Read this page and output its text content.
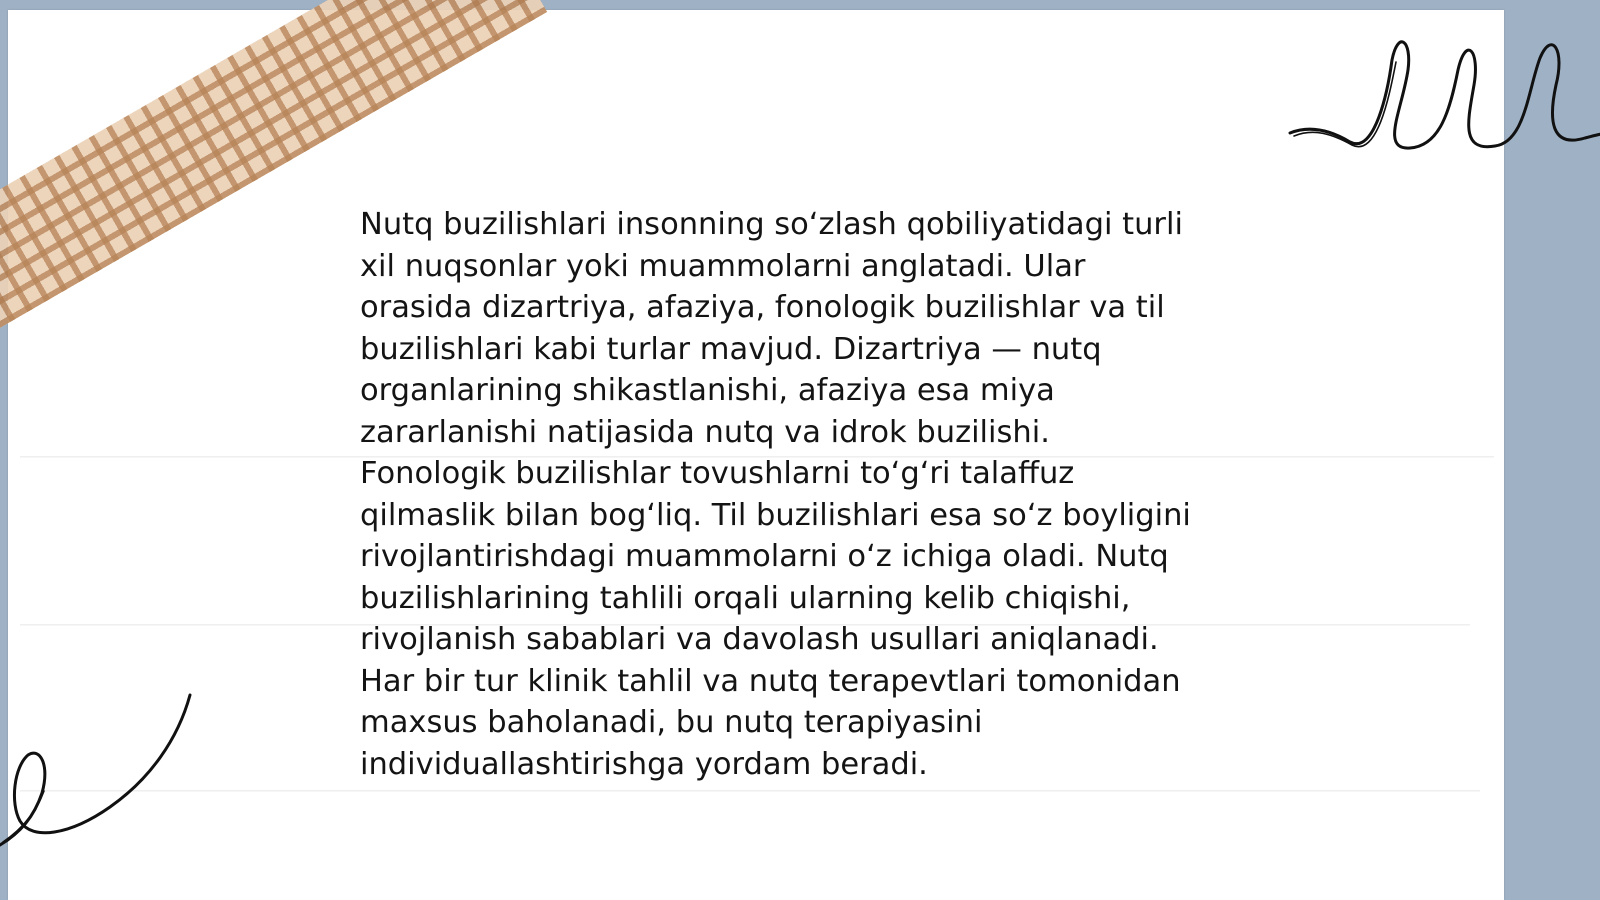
Nutq buzilishlari insonning so‘zlash qobiliyatidagi turli
xil nuqsonlar yoki muammolarni anglatadi. Ular
orasida dizartriya, afaziya, fonologik buzilishlar va til
buzilishlari kabi turlar mavjud. Dizartriya — nutq
organlarining shikastlanishi, afaziya esa miya
zararlanishi natijasida nutq va idrok buzilishi.
Fonologik buzilishlar tovushlarni to‘g‘ri talaffuz
qilmaslik bilan bog‘liq. Til buzilishlari esa so‘z boyligini
rivojlantirishdagi muammolarni o‘z ichiga oladi. Nutq
buzilishlarining tahlili orqali ularning kelib chiqishi,
rivojlanish sabablari va davolash usullari aniqlanadi.
Har bir tur klinik tahlil va nutq terapevtlari tomonidan
maxsus baholanadi, bu nutq terapiyasini
individuallashtirishga yordam beradi.
